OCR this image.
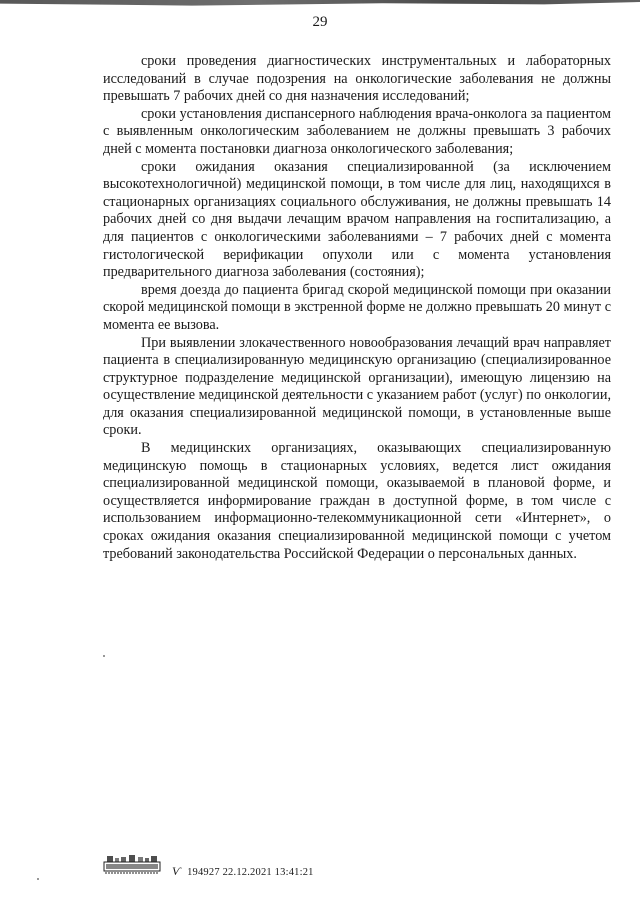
29

сроки проведения диагностических инструментальных и лабораторных исследований в случае подозрения на онкологические заболевания не должны превышать 7 рабочих дней со дня назначения исследований;

сроки установления диспансерного наблюдения врача-онколога за пациентом с выявленным онкологическим заболеванием не должны превышать 3 рабочих дней с момента постановки диагноза онкологического заболевания;

сроки ожидания оказания специализированной (за исключением высокотехнологичной) медицинской помощи, в том числе для лиц, находящихся в стационарных организациях социального обслуживания, не должны превышать 14 рабочих дней со дня выдачи лечащим врачом направления на госпитализацию, а для пациентов с онкологическими заболеваниями – 7 рабочих дней с момента гистологической верификации опухоли или с момента установления предварительного диагноза заболевания (состояния);

время доезда до пациента бригад скорой медицинской помощи при оказании скорой медицинской помощи в экстренной форме не должно превышать 20 минут с момента ее вызова.

При выявлении злокачественного новообразования лечащий врач направляет пациента в специализированную медицинскую организацию (специализированное структурное подразделение медицинской организации), имеющую лицензию на осуществление медицинской деятельности с указанием работ (услуг) по онкологии, для оказания специализированной медицинской помощи, в установленные выше сроки.

В медицинских организациях, оказывающих специализированную медицинскую помощь в стационарных условиях, ведется лист ожидания специализированной медицинской помощи, оказываемой в плановой форме, и осуществляется информирование граждан в доступной форме, в том числе с использованием информационно-телекоммуникационной сети «Интернет», о сроках ожидания оказания специализированной медицинской помощи с учетом требований законодательства Российской Федерации о персональных данных.

Ѵ 194927 22.12.2021 13:41:21
